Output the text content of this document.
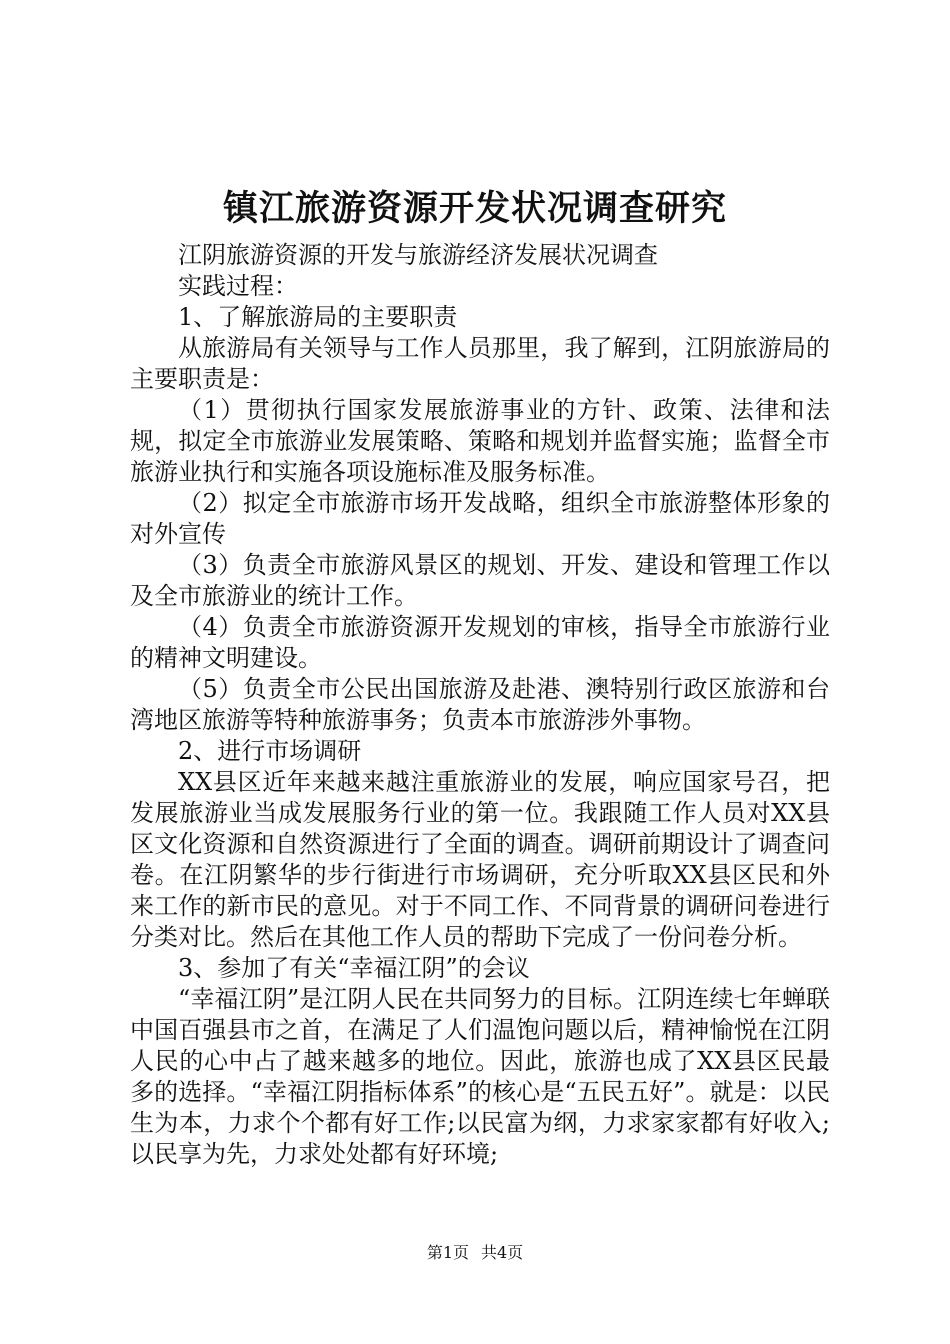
镇江旅游资源开发状况调查研究

江阴旅游资源的开发与旅游经济发展状况调查

实践过程：

1、了解旅游局的主要职责

从旅游局有关领导与工作人员那里，我了解到，江阴旅游局的主要职责是：

（1）贯彻执行国家发展旅游事业的方针、政策、法律和法规，拟定全市旅游业发展策略、策略和规划并监督实施；监督全市旅游业执行和实施各项设施标准及服务标准。

（2）拟定全市旅游市场开发战略，组织全市旅游整体形象的对外宣传

（3）负责全市旅游风景区的规划、开发、建设和管理工作以及全市旅游业的统计工作。

（4）负责全市旅游资源开发规划的审核，指导全市旅游行业的精神文明建设。

（5）负责全市公民出国旅游及赴港、澳特别行政区旅游和台湾地区旅游等特种旅游事务；负责本市旅游涉外事物。

2、进行市场调研

XX县区近年来越来越注重旅游业的发展，响应国家号召，把发展旅游业当成发展服务行业的第一位。我跟随工作人员对XX县区文化资源和自然资源进行了全面的调查。调研前期设计了调查问卷。在江阴繁华的步行街进行市场调研，充分听取XX县区民和外来工作的新市民的意见。对于不同工作、不同背景的调研问卷进行分类对比。然后在其他工作人员的帮助下完成了一份问卷分析。

3、参加了有关“幸福江阴”的会议

“幸福江阴”是江阴人民在共同努力的目标。江阴连续七年蝉联中国百强县市之首，在满足了人们温饱问题以后，精神愉悦在江阴人民的心中占了越来越多的地位。因此，旅游也成了XX县区民最多的选择。“幸福江阴指标体系”的核心是“五民五好”。就是：以民生为本，力求个个都有好工作;以民富为纲，力求家家都有好收入;以民享为先，力求处处都有好环境;

第1页 共4页
